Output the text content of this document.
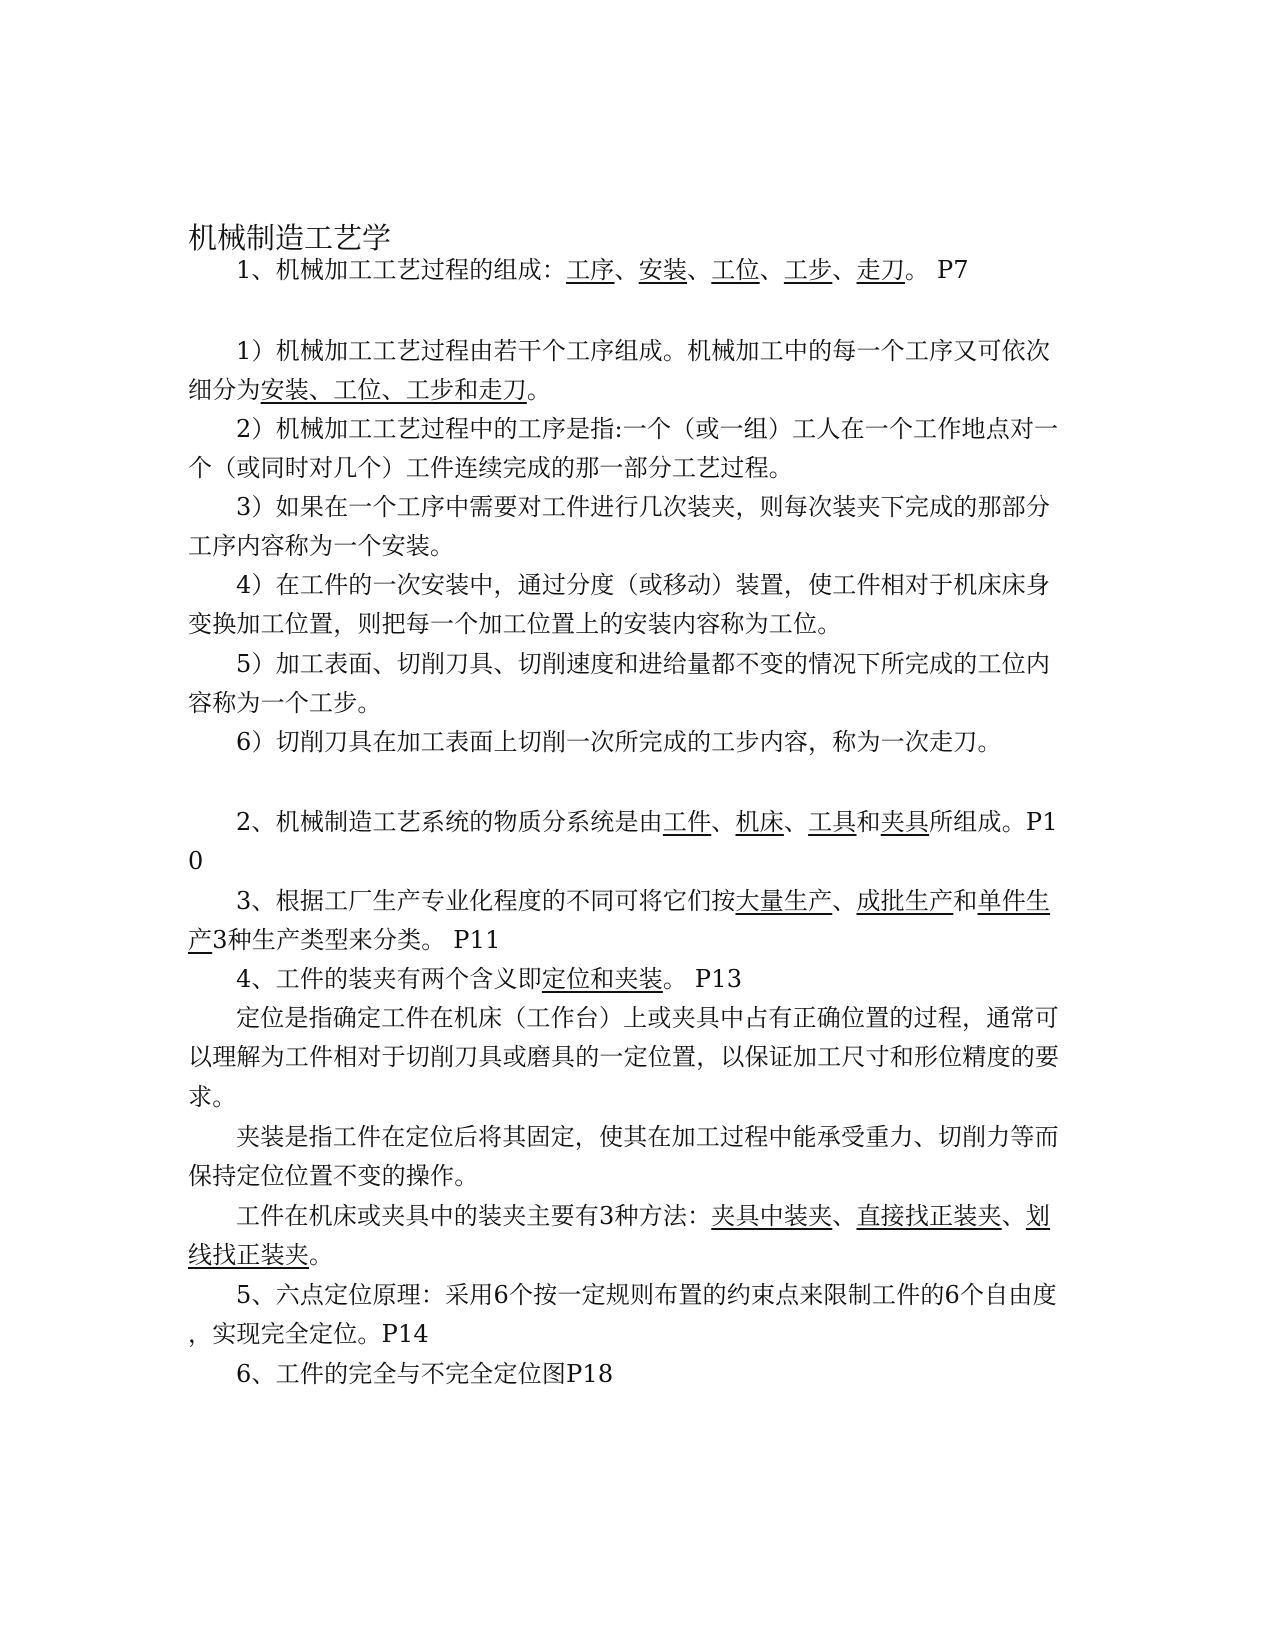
机械制造工艺学

1、机械加工工艺过程的组成：工序、安装、工位、工步、走刀。 P7

1）机械加工工艺过程由若干个工序组成。机械加工中的每一个工序又可依次

细分为安装、工位、工步和走刀。

2）机械加工工艺过程中的工序是指:一个（或一组）工人在一个工作地点对一

个（或同时对几个）工件连续完成的那一部分工艺过程。

3）如果在一个工序中需要对工件进行几次装夹，则每次装夹下完成的那部分

工序内容称为一个安装。

4）在工件的一次安装中，通过分度（或移动）装置，使工件相对于机床床身

变换加工位置，则把每一个加工位置上的安装内容称为工位。

5）加工表面、切削刀具、切削速度和进给量都不变的情况下所完成的工位内

容称为一个工步。

6）切削刀具在加工表面上切削一次所完成的工步内容，称为一次走刀。

2、机械制造工艺系统的物质分系统是由工件、机床、工具和夹具所组成。P1

0

3、根据工厂生产专业化程度的不同可将它们按大量生产、成批生产和单件生

产3种生产类型来分类。 P11

4、工件的装夹有两个含义即定位和夹装。 P13

定位是指确定工件在机床（工作台）上或夹具中占有正确位置的过程，通常可

以理解为工件相对于切削刀具或磨具的一定位置，以保证加工尺寸和形位精度的要

求。

夹装是指工件在定位后将其固定，使其在加工过程中能承受重力、切削力等而

保持定位位置不变的操作。

工件在机床或夹具中的装夹主要有3种方法：夹具中装夹、直接找正装夹、划

线找正装夹。

5、六点定位原理：采用6个按一定规则布置的约束点来限制工件的6个自由度

，实现完全定位。P14

6、工件的完全与不完全定位图P18
